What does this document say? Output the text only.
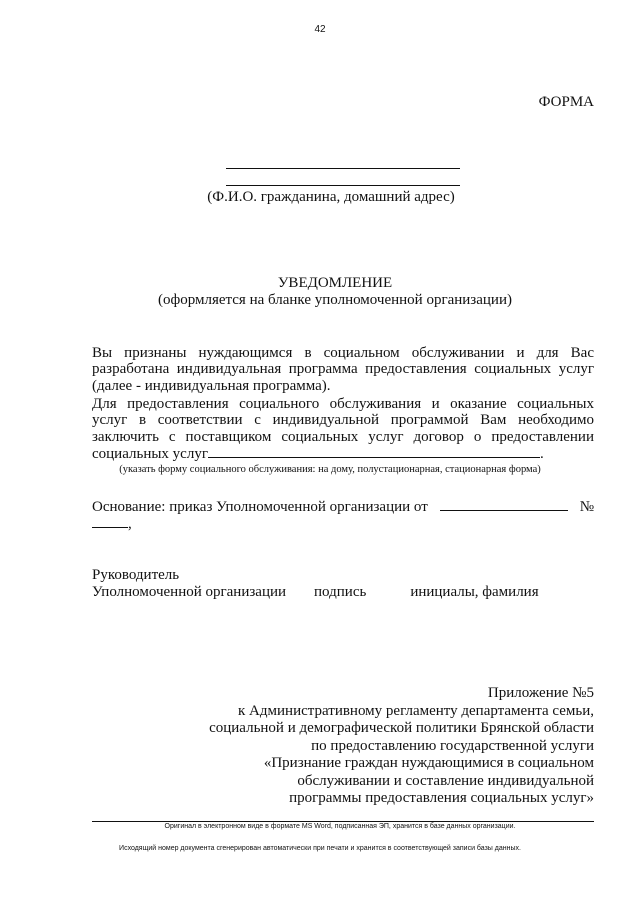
42
ФОРМА
(Ф.И.О. гражданина, домашний адрес)
УВЕДОМЛЕНИЕ
(оформляется на бланке уполномоченной организации)
Вы признаны нуждающимся в социальном обслуживании и для Вас
разработана индивидуальная программа предоставления социальных услуг
(далее - индивидуальная программа).
Для предоставления социального обслуживания и оказание социальных
услуг в соответствии с индивидуальной программой Вам необходимо
заключить с поставщиком социальных услуг договор о предоставлении
социальных услуг	.
(указать форму социального обслуживания: на дому, полустационарная, стационарная форма)
Основание: приказ Уполномоченной организации от	№
,
Руководитель
Уполномоченной организации подпись	инициалы, фамилия
Приложение №5
к Административному регламенту департамента семьи,
социальной и демографической политики Брянской области
по предоставлению государственной услуги
«Признание граждан нуждающимися в социальном
обслуживании и составление индивидуальной
программы предоставления социальных услуг»
Оригинал в электронном виде в формате MS Word, подписанная ЭП, хранится в базе данных организации.
Исходящий номер документа сгенерирован автоматически при печати и хранится в соответствующей записи базы данных.
